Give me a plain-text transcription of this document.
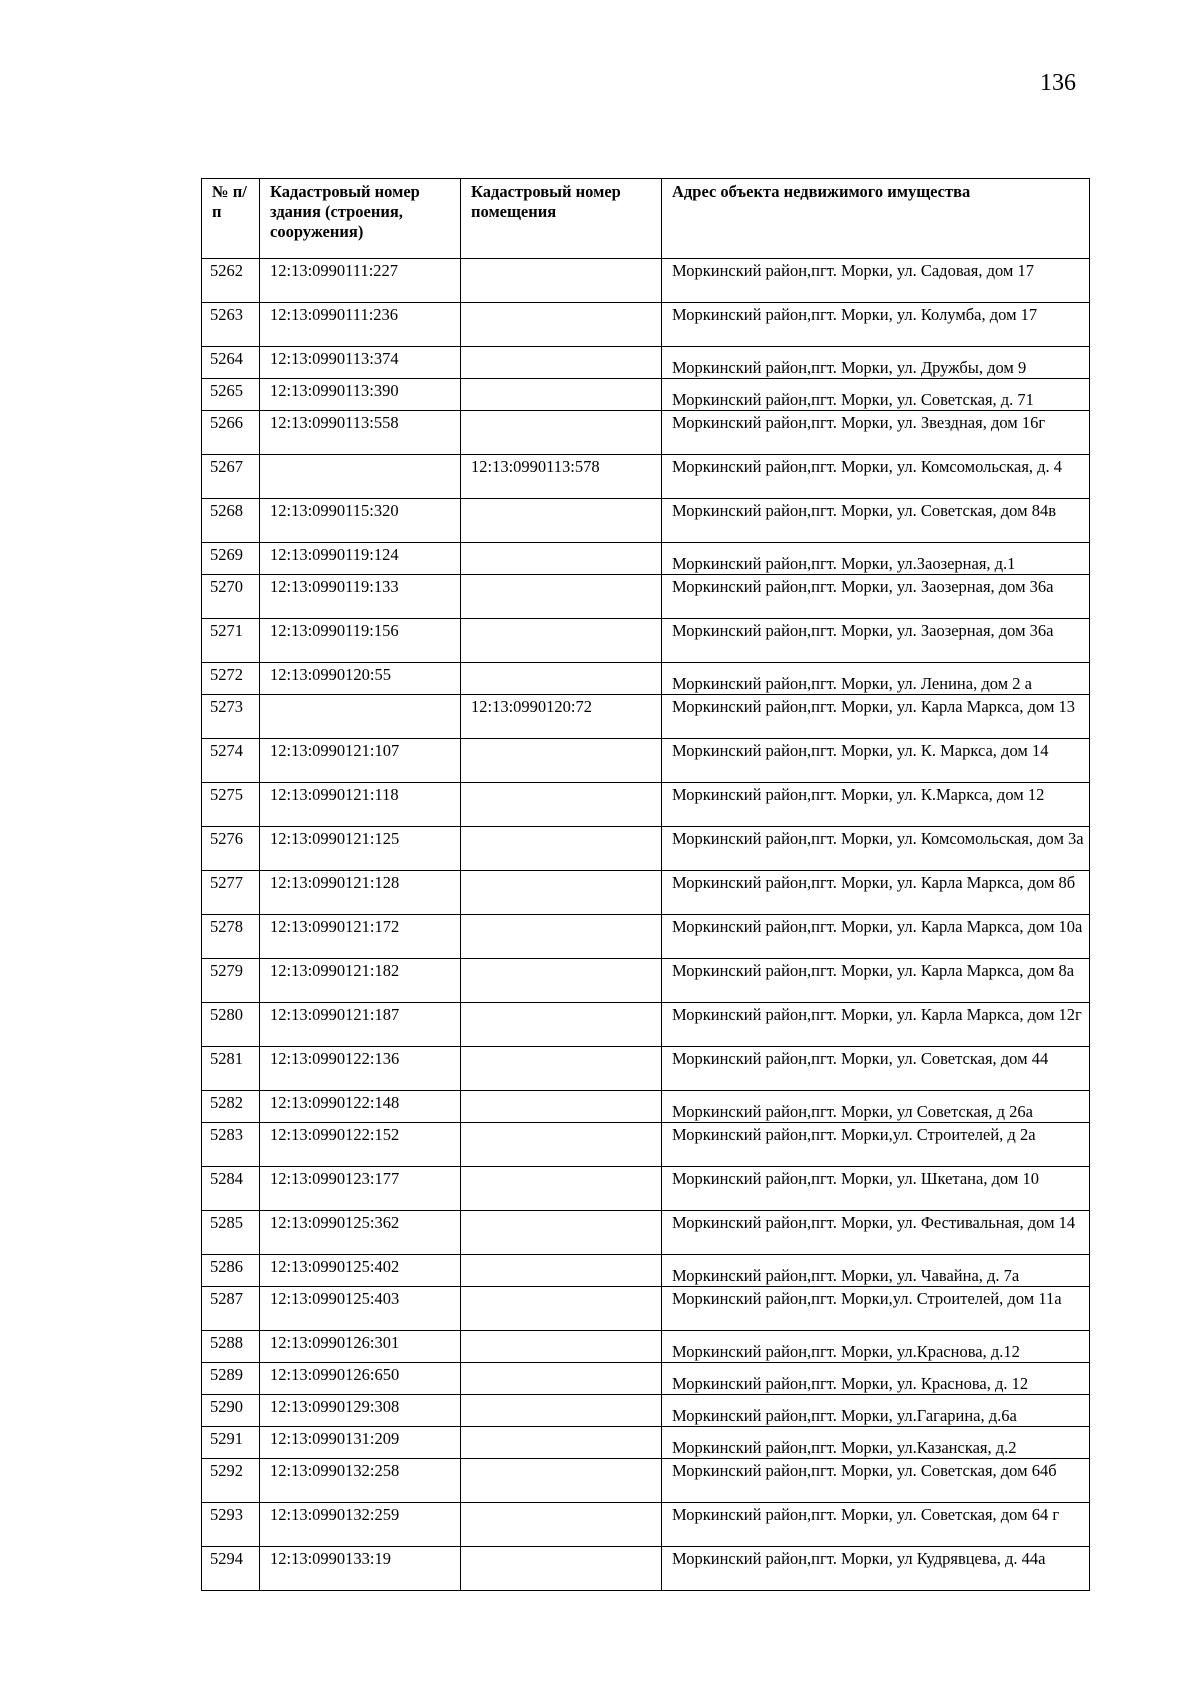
136
№ п/п	Кадастровый номер здания (строения, сооружения)	Кадастровый номер помещения	Адрес объекта недвижимого имущества
5262	12:13:0990111:227		Моркинский район,пгт. Морки, ул. Садовая, дом 17
5263	12:13:0990111:236		Моркинский район,пгт. Морки, ул. Колумба, дом 17
5264	12:13:0990113:374		Моркинский район,пгт. Морки, ул. Дружбы, дом 9
5265	12:13:0990113:390		Моркинский район,пгт. Морки, ул. Советская, д. 71
5266	12:13:0990113:558		Моркинский район,пгт. Морки, ул. Звездная, дом 16г
5267		12:13:0990113:578	Моркинский район,пгт. Морки, ул. Комсомольская, д. 4
5268	12:13:0990115:320		Моркинский район,пгт. Морки, ул. Советская, дом 84в
5269	12:13:0990119:124		Моркинский район,пгт. Морки, ул.Заозерная, д.1
5270	12:13:0990119:133		Моркинский район,пгт. Морки, ул. Заозерная, дом 36а
5271	12:13:0990119:156		Моркинский район,пгт. Морки, ул. Заозерная, дом 36а
5272	12:13:0990120:55		Моркинский район,пгт. Морки, ул. Ленина, дом 2 а
5273		12:13:0990120:72	Моркинский район,пгт. Морки, ул. Карла Маркса, дом 13
5274	12:13:0990121:107		Моркинский район,пгт. Морки, ул. К. Маркса, дом 14
5275	12:13:0990121:118		Моркинский район,пгт. Морки, ул. К.Маркса, дом 12
5276	12:13:0990121:125		Моркинский район,пгт. Морки, ул. Комсомольская, дом 3а
5277	12:13:0990121:128		Моркинский район,пгт. Морки, ул. Карла Маркса, дом 8б
5278	12:13:0990121:172		Моркинский район,пгт. Морки, ул. Карла Маркса, дом 10а
5279	12:13:0990121:182		Моркинский район,пгт. Морки, ул. Карла Маркса, дом 8а
5280	12:13:0990121:187		Моркинский район,пгт. Морки, ул. Карла Маркса, дом 12г
5281	12:13:0990122:136		Моркинский район,пгт. Морки, ул. Советская, дом 44
5282	12:13:0990122:148		Моркинский район,пгт. Морки, ул Советская, д 26а
5283	12:13:0990122:152		Моркинский район,пгт. Морки,ул. Строителей, д 2а
5284	12:13:0990123:177		Моркинский район,пгт. Морки, ул. Шкетана, дом 10
5285	12:13:0990125:362		Моркинский район,пгт. Морки, ул. Фестивальная, дом 14
5286	12:13:0990125:402		Моркинский район,пгт. Морки, ул. Чавайна, д. 7а
5287	12:13:0990125:403		Моркинский район,пгт. Морки,ул. Строителей, дом 11а
5288	12:13:0990126:301		Моркинский район,пгт. Морки, ул.Краснова, д.12
5289	12:13:0990126:650		Моркинский район,пгт. Морки, ул. Краснова, д. 12
5290	12:13:0990129:308		Моркинский район,пгт. Морки, ул.Гагарина, д.6а
5291	12:13:0990131:209		Моркинский район,пгт. Морки, ул.Казанская, д.2
5292	12:13:0990132:258		Моркинский район,пгт. Морки, ул. Советская, дом 64б
5293	12:13:0990132:259		Моркинский район,пгт. Морки, ул. Советская, дом 64 г
5294	12:13:0990133:19		Моркинский район,пгт. Морки, ул Кудрявцева, д. 44а
